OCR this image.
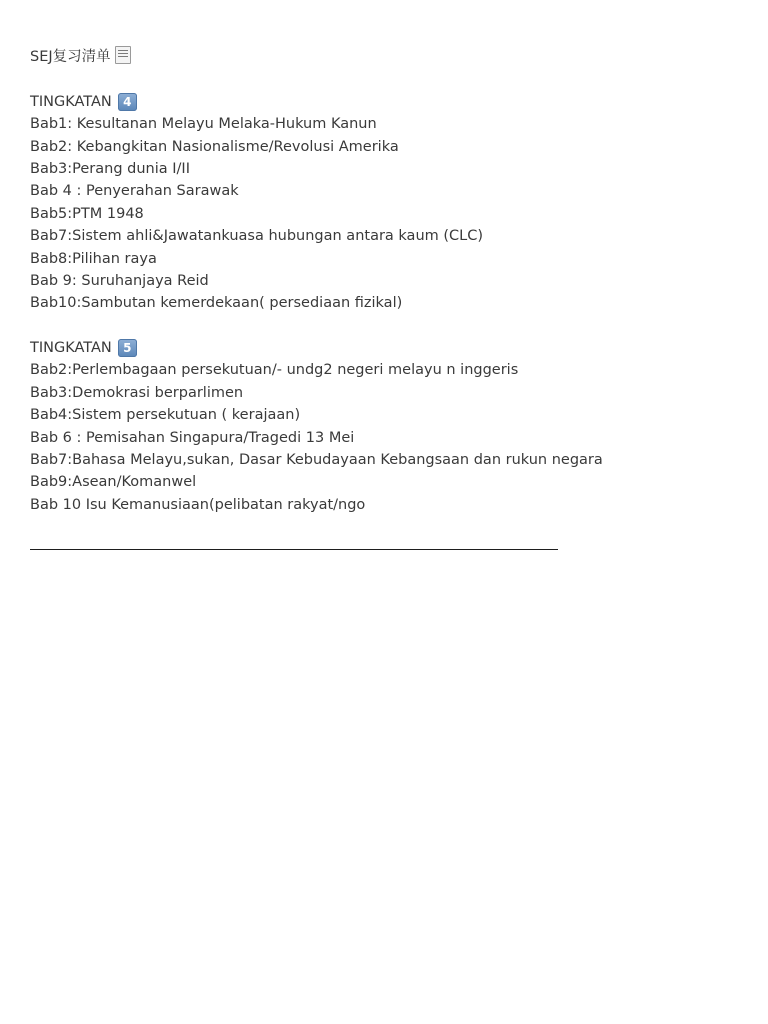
SEJ复习清单
TINGKATAN 4
Bab1: Kesultanan Melayu Melaka-Hukum Kanun
Bab2: Kebangkitan Nasionalisme/Revolusi Amerika
Bab3:Perang dunia I/II
Bab 4 : Penyerahan Sarawak
Bab5:PTM 1948
Bab7:Sistem ahli&Jawatankuasa hubungan antara kaum (CLC)
Bab8:Pilihan raya
Bab 9: Suruhanjaya Reid
Bab10:Sambutan kemerdekaan( persediaan fizikal)
TINGKATAN 5
Bab2:Perlembagaan persekutuan/- undg2 negeri melayu n inggeris
Bab3:Demokrasi berparlimen
Bab4:Sistem persekutuan ( kerajaan)
Bab 6 : Pemisahan Singapura/Tragedi 13 Mei
Bab7:Bahasa Melayu,sukan, Dasar Kebudayaan Kebangsaan dan rukun negara
Bab9:Asean/Komanwel
Bab 10 Isu Kemanusiaan(pelibatan rakyat/ngo
